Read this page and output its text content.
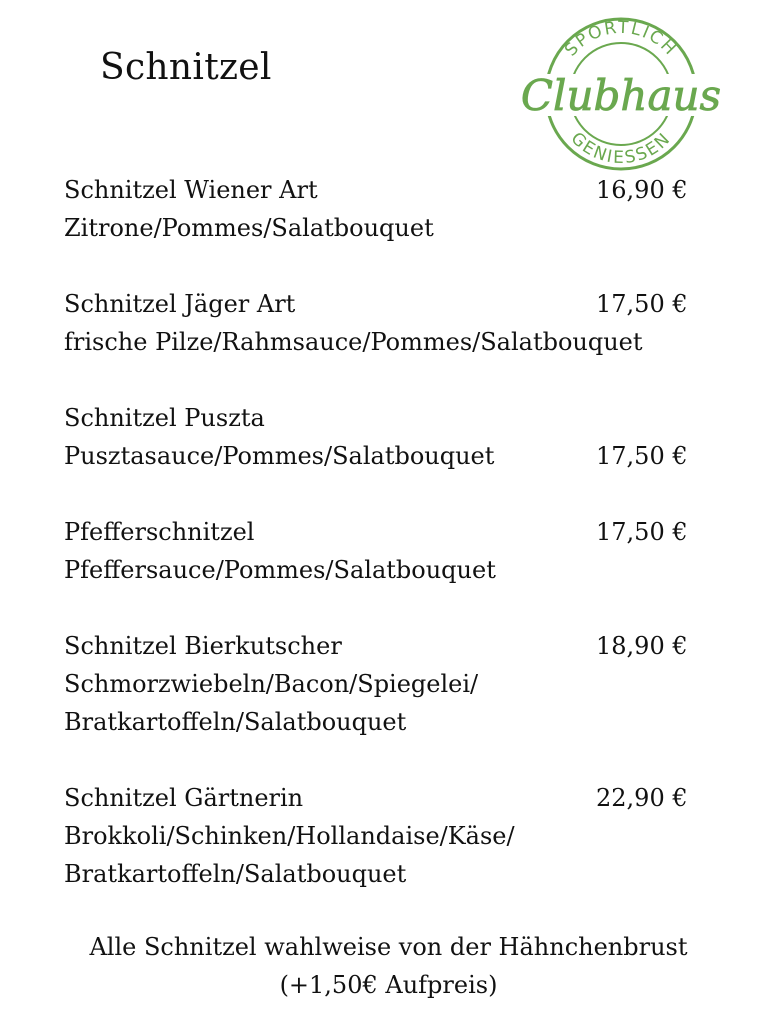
Schnitzel	SPORTLICH
GENIESSEN
Clubhaus
Schnitzel Wiener Art	16,90 €
Zitrone/Pommes/Salatbouquet
Schnitzel Jäger Art	17,50 €
frische Pilze/Rahmsauce/Pommes/Salatbouquet
Schnitzel Puszta
Pusztasauce/Pommes/Salatbouquet	17,50 €
Pfefferschnitzel	17,50 €
Pfeffersauce/Pommes/Salatbouquet
Schnitzel Bierkutscher	18,90 €
Schmorzwiebeln/Bacon/Spiegelei/
Bratkartoffeln/Salatbouquet
Schnitzel Gärtnerin	22,90 €
Brokkoli/Schinken/Hollandaise/Käse/
Bratkartoffeln/Salatbouquet
Alle Schnitzel wahlweise von der Hähnchenbrust
(+1,50€ Aufpreis)
